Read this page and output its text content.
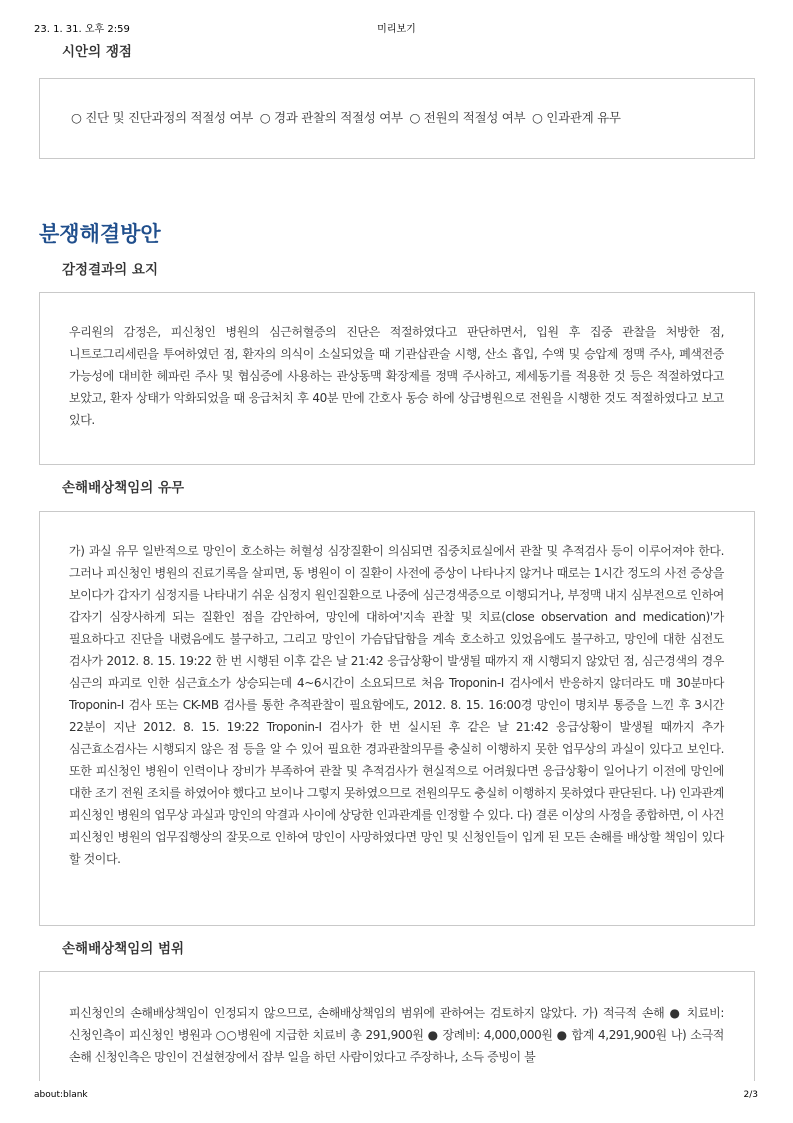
23. 1. 31. 오후 2:59	미리보기
시안의 쟁점
○ 진단 및 진단과정의 적절성 여부 ○ 경과 관찰의 적절성 여부 ○ 전원의 적절성 여부 ○ 인과관계 유무
분쟁해결방안
감정결과의 요지

우리원의 감정은, 피신청인 병원의 심근허혈증의 진단은 적절하였다고 판단하면서, 입원 후 집중 관찰을 처방한 점, 니트로그리세린을 투여하였던 점, 환자의 의식이 소실되었을 때 기관삽관술 시행, 산소 흡입, 수액 및 승압제 정맥 주사, 폐색전증 가능성에 대비한 헤파린 주사 및 협심증에 사용하는 관상동맥 확장제를 정맥 주사하고, 제세동기를 적용한 것 등은 적절하였다고 보았고, 환자 상태가 악화되었을 때 응급처치 후 40분 만에 간호사 동승 하에 상급병원으로 전원을 시행한 것도 적절하였다고 보고 있다.

손해배상책임의 유무

가) 과실 유무 일반적으로 망인이 호소하는 허혈성 심장질환이 의심되면 집중치료실에서 관찰 및 추적검사 등이 이루어져야 한다. 그러나 피신청인 병원의 진료기록을 살피면, 동 병원이 이 질환이 사전에 증상이 나타나지 않거나 때로는 1시간 정도의 사전 증상을 보이다가 갑자기 심정지를 나타내기 쉬운 심정지 원인질환으로 나중에 심근경색증으로 이행되거나, 부정맥 내지 심부전으로 인하여 갑자기 심장사하게 되는 질환인 점을 감안하여, 망인에 대하여'지속 관찰 및 치료(close observation and medication)'가 필요하다고 진단을 내렸음에도 불구하고, 그리고 망인이 가슴답답함을 계속 호소하고 있었음에도 불구하고, 망인에 대한 심전도 검사가 2012. 8. 15. 19:22 한 번 시행된 이후 같은 날 21:42 응급상황이 발생될 때까지 재 시행되지 않았던 점, 심근경색의 경우 심근의 파괴로 인한 심근효소가 상승되는데 4~6시간이 소요되므로 처음 Troponin-I 검사에서 반응하지 않더라도 매 30분마다 Troponin-I 검사 또는 CK-MB 검사를 통한 추적관찰이 필요함에도, 2012. 8. 15. 16:00경 망인이 명치부 통증을 느낀 후 3시간 22분이 지난 2012. 8. 15. 19:22 Troponin-I 검사가 한 번 실시된 후 같은 날 21:42 응급상황이 발생될 때까지 추가 심근효소검사는 시행되지 않은 점 등을 알 수 있어 필요한 경과관찰의무를 충실히 이행하지 못한 업무상의 과실이 있다고 보인다. 또한 피신청인 병원이 인력이나 장비가 부족하여 관찰 및 추적검사가 현실적으로 어려웠다면 응급상황이 일어나기 이전에 망인에 대한 조기 전원 조치를 하였어야 했다고 보이나 그렇지 못하였으므로 전원의무도 충실히 이행하지 못하였다 판단된다. 나) 인과관계 피신청인 병원의 업무상 과실과 망인의 악결과 사이에 상당한 인과관계를 인정할 수 있다. 다) 결론 이상의 사정을 종합하면, 이 사건 피신청인 병원의 업무집행상의 잘못으로 인하여 망인이 사망하였다면 망인 및 신청인들이 입게 된 모든 손해를 배상할 책임이 있다 할 것이다.

손해배상책임의 범위

피신청인의 손해배상책임이 인정되지 않으므로, 손해배상책임의 범위에 관하여는 검토하지 않았다. 가) 적극적 손해 ● 치료비: 신청인측이 피신청인 병원과 ○○병원에 지급한 치료비 총 291,900원 ● 장례비: 4,000,000원 ● 합계 4,291,900원 나) 소극적 손해 신청인측은 망인이 건설현장에서 잡부 일을 하던 사람이었다고 주장하나, 소득 증빙이 불

about:blank	2/3
